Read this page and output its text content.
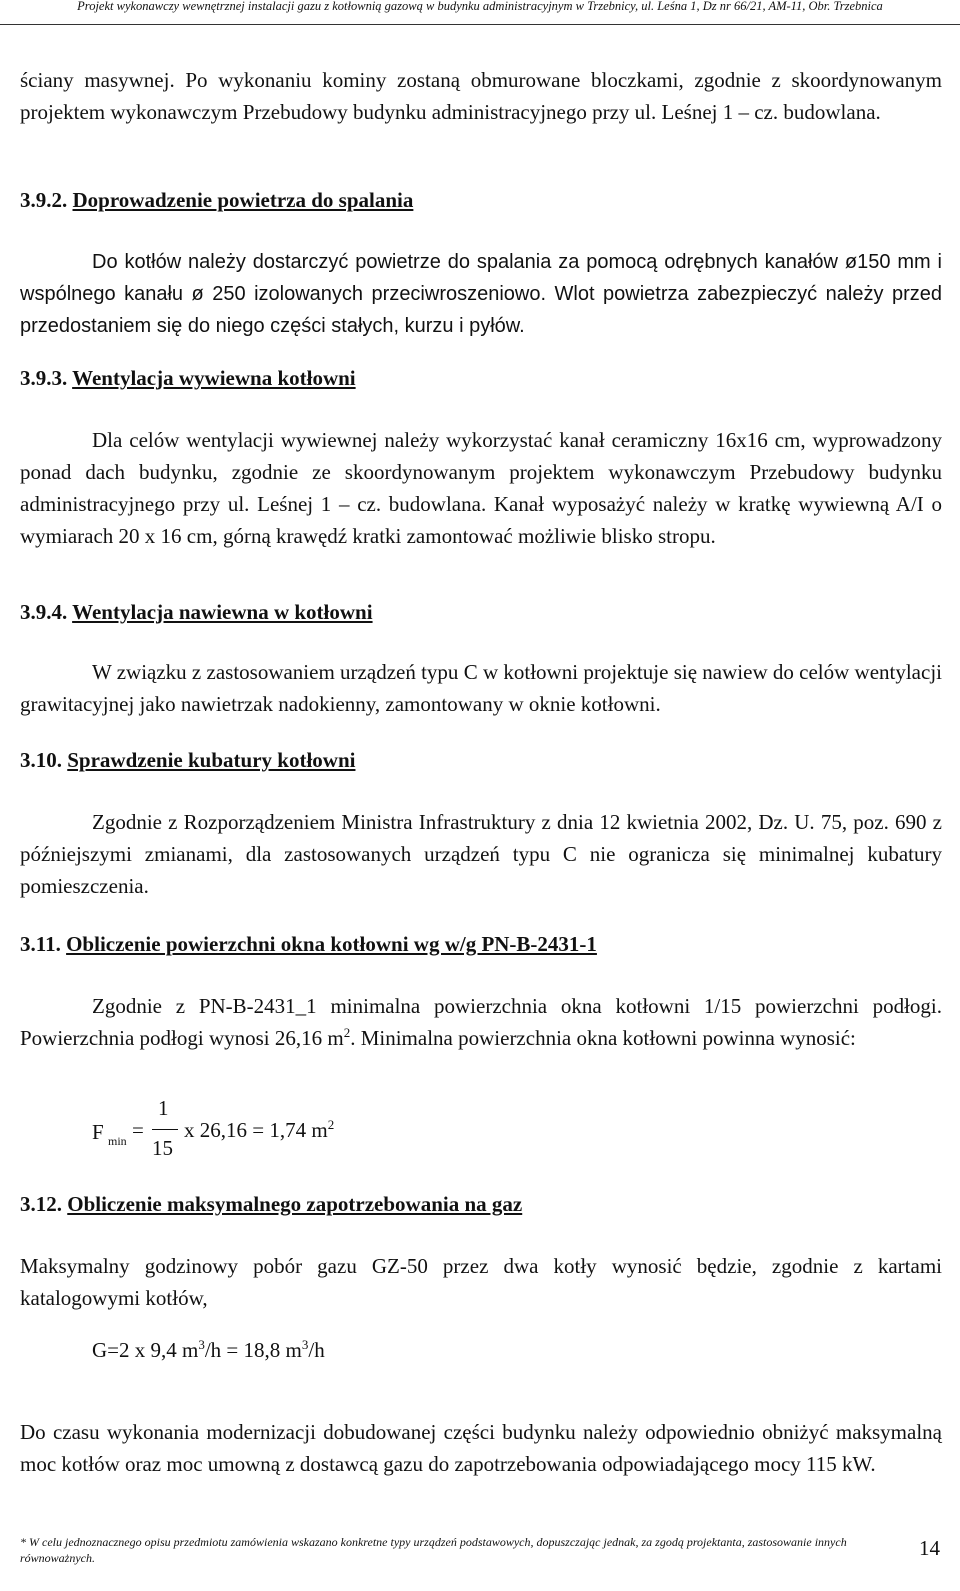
Projekt wykonawczy wewnętrznej instalacji gazu z kotłownią gazową w budynku administracyjnym w Trzebnicy, ul. Leśna 1, Dz nr 66/21, AM-11, Obr. Trzebnica
ściany masywnej. Po wykonaniu kominy zostaną obmurowane bloczkami, zgodnie z skoordynowanym projektem wykonawczym Przebudowy budynku administracyjnego przy ul. Leśnej 1 – cz. budowlana.
3.9.2. Doprowadzenie powietrza do spalania
Do kotłów należy dostarczyć powietrze do spalania za pomocą odrębnych kanałów ø150 mm i wspólnego kanału ø 250 izolowanych przeciwroszeniowo. Wlot powietrza zabezpieczyć należy przed przedostaniem się do niego części stałych, kurzu i pyłów.
3.9.3. Wentylacja wywiewna kotłowni
Dla celów wentylacji wywiewnej należy wykorzystać kanał ceramiczny 16x16 cm, wyprowadzony ponad dach budynku, zgodnie ze skoordynowanym projektem wykonawczym Przebudowy budynku administracyjnego przy ul. Leśnej 1 – cz. budowlana. Kanał wyposażyć należy w kratkę wywiewną A/I o wymiarach 20 x 16 cm, górną krawędź kratki zamontować możliwie blisko stropu.
3.9.4. Wentylacja nawiewna w kotłowni
W związku z zastosowaniem urządzeń typu C w kotłowni projektuje się nawiew do celów wentylacji grawitacyjnej jako nawietrzak nadokienny, zamontowany w oknie kotłowni.
3.10. Sprawdzenie kubatury kotłowni
Zgodnie z Rozporządzeniem Ministra Infrastruktury z dnia 12 kwietnia 2002, Dz. U. 75, poz. 690 z późniejszymi zmianami, dla zastosowanych urządzeń typu C nie ogranicza się minimalnej kubatury pomieszczenia.
3.11. Obliczenie powierzchni okna kotłowni wg w/g PN-B-2431-1
Zgodnie z PN-B-2431_1 minimalna powierzchnia okna kotłowni 1/15 powierzchni podłogi. Powierzchnia podłogi wynosi 26,16 $m^2$. Minimalna powierzchnia okna kotłowni powinna wynosić:
F min =
1
15
x 26,16 = 1,74 $m^2$
3.12. Obliczenie maksymalnego zapotrzebowania na gaz
Maksymalny godzinowy pobór gazu GZ-50 przez dwa kotły wynosić będzie, zgodnie z kartami katalogowymi kotłów,
G=2 x 9,4 $m^3/h = 18,8$ $m^3/h$
Do czasu wykonania modernizacji dobudowanej części budynku należy odpowiednio obniżyć maksymalną moc kotłów oraz moc umowną z dostawcą gazu do zapotrzebowania odpowiadającego mocy 115 kW.
* W celu jednoznacznego opisu przedmiotu zamówienia wskazano konkretne typy urządzeń podstawowych, dopuszczając jednak, za zgodą projektanta, zastosowanie innych równoważnych.	14
